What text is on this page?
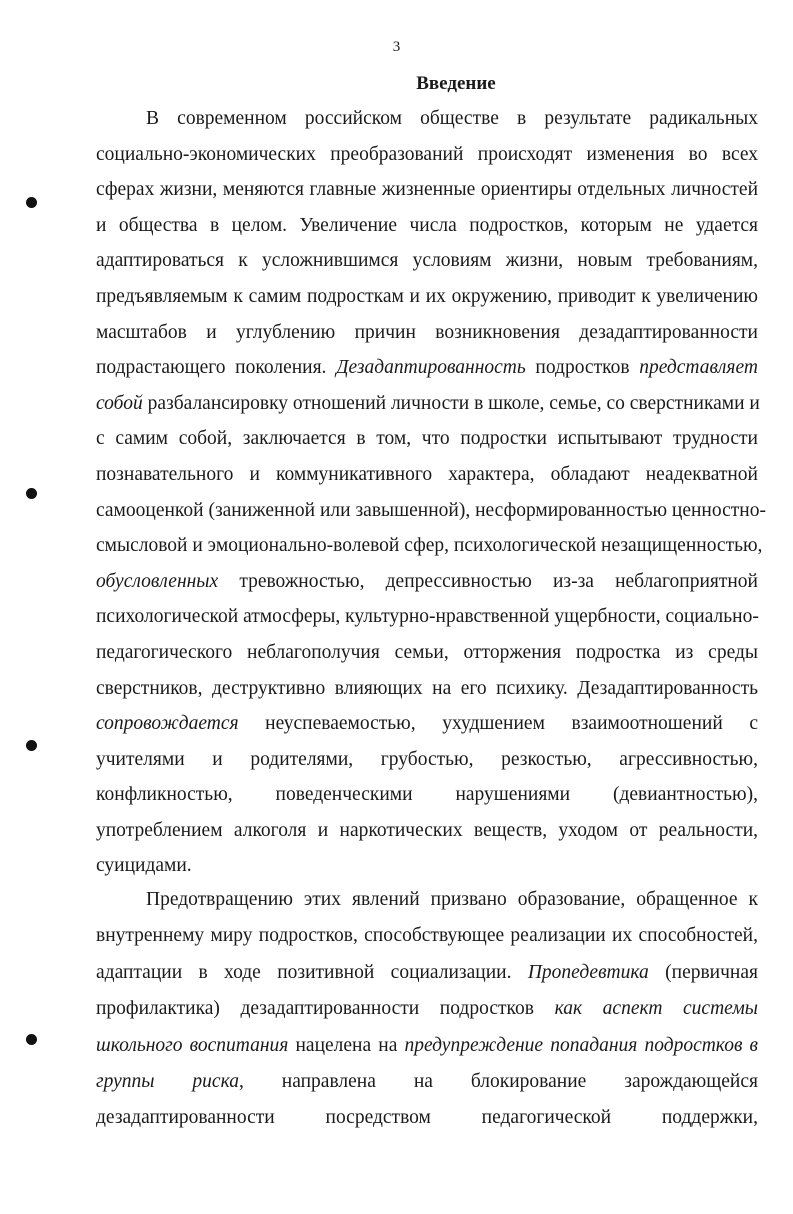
3
Введение
В современном российском обществе в результате радикальных
социально-экономических преобразований происходят изменения во всех
сферах жизни, меняются главные жизненные ориентиры отдельных личностей
и общества в целом. Увеличение числа подростков, которым не удается
адаптироваться к усложнившимся условиям жизни, новым требованиям,
предъявляемым к самим подросткам и их окружению, приводит к увеличению
масштабов и углублению причин возникновения дезадаптированности
подрастающего поколения. Дезадаптированность подростков представляет
собой разбалансировку отношений личности в школе, семье, со сверстниками и
с самим собой, заключается в том, что подростки испытывают трудности
познавательного и коммуникативного характера, обладают неадекватной
самооценкой (заниженной или завышенной), несформированностью ценностно-
смысловой и эмоционально-волевой сфер, психологической незащищенностью,
обусловленных тревожностью, депрессивностью из-за неблагоприятной
психологической атмосферы, культурно-нравственной ущербности, социально-
педагогического неблагополучия семьи, отторжения подростка из среды
сверстников, деструктивно влияющих на его психику. Дезадаптированность
сопровождается неуспеваемостью, ухудшением взаимоотношений с
учителями и родителями, грубостью, резкостью, агрессивностью,
конфликностью, поведенческими нарушениями (девиантностью),
употреблением алкоголя и наркотических веществ, уходом от реальности,
суицидами.
Предотвращению этих явлений призвано образование, обращенное к
внутреннему миру подростков, способствующее реализации их способностей,
адаптации в ходе позитивной социализации. Пропедевтика (первичная
профилактика) дезадаптированности подростков как аспект системы
школьного воспитания нацелена на предупреждение попадания подростков в
группы риска, направлена на блокирование зарождающейся
дезадаптированности посредством педагогической поддержки,
